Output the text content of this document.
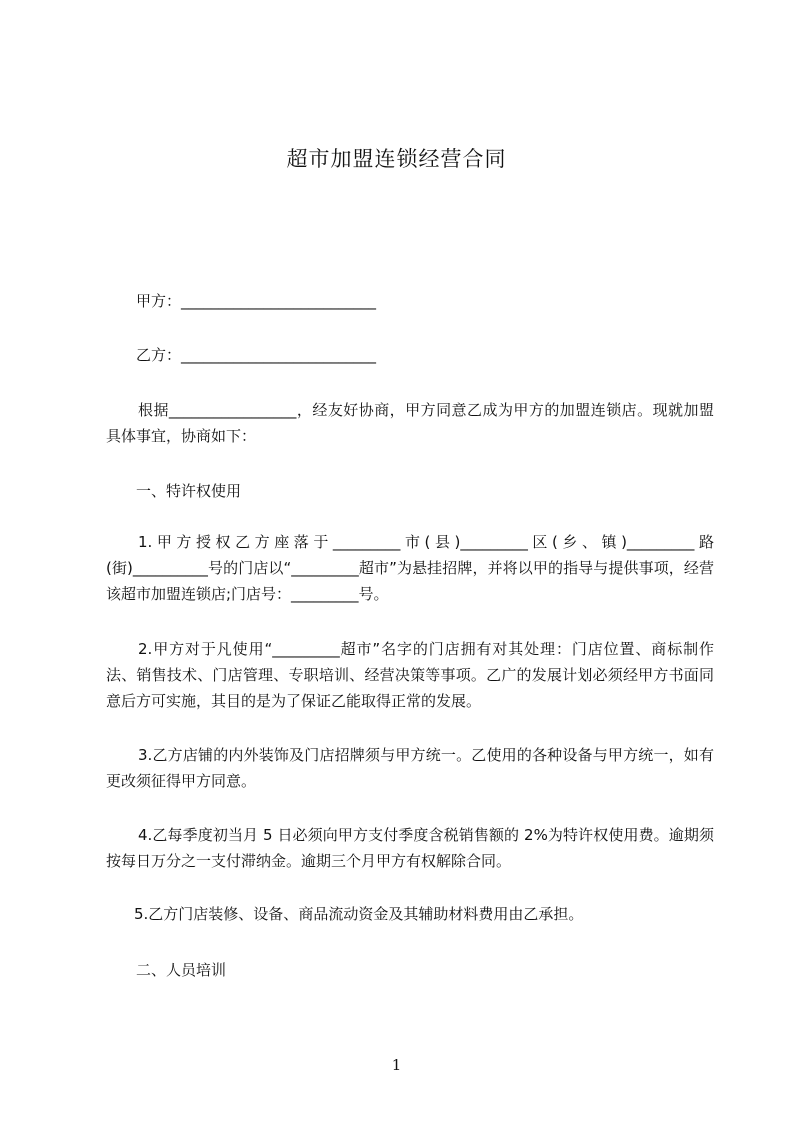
超市加盟连锁经营合同
甲方：__________________________
乙方：__________________________
根据_________________，经友好协商，甲方同意乙成为甲方的加盟连锁店。现就加盟具体事宜，协商如下：
一、特许权使用
1.甲方授权乙方座落于_________市(县)_________区(乡、镇)_________路(街)__________号的门店以“_________超市”为悬挂招牌，并将以甲的指导与提供事项，经营该超市加盟连锁店;门店号：_________号。
2.甲方对于凡使用“_________超市”名字的门店拥有对其处理：门店位置、商标制作法、销售技术、门店管理、专职培训、经营决策等事项。乙广的发展计划必须经甲方书面同意后方可实施，其目的是为了保证乙能取得正常的发展。
3.乙方店铺的内外装饰及门店招牌须与甲方统一。乙使用的各种设备与甲方统一，如有更改须征得甲方同意。
4.乙每季度初当月 5 日必须向甲方支付季度含税销售额的 2%为特许权使用费。逾期须按每日万分之一支付滞纳金。逾期三个月甲方有权解除合同。
5.乙方门店装修、设备、商品流动资金及其辅助材料费用由乙承担。
二、人员培训
1
